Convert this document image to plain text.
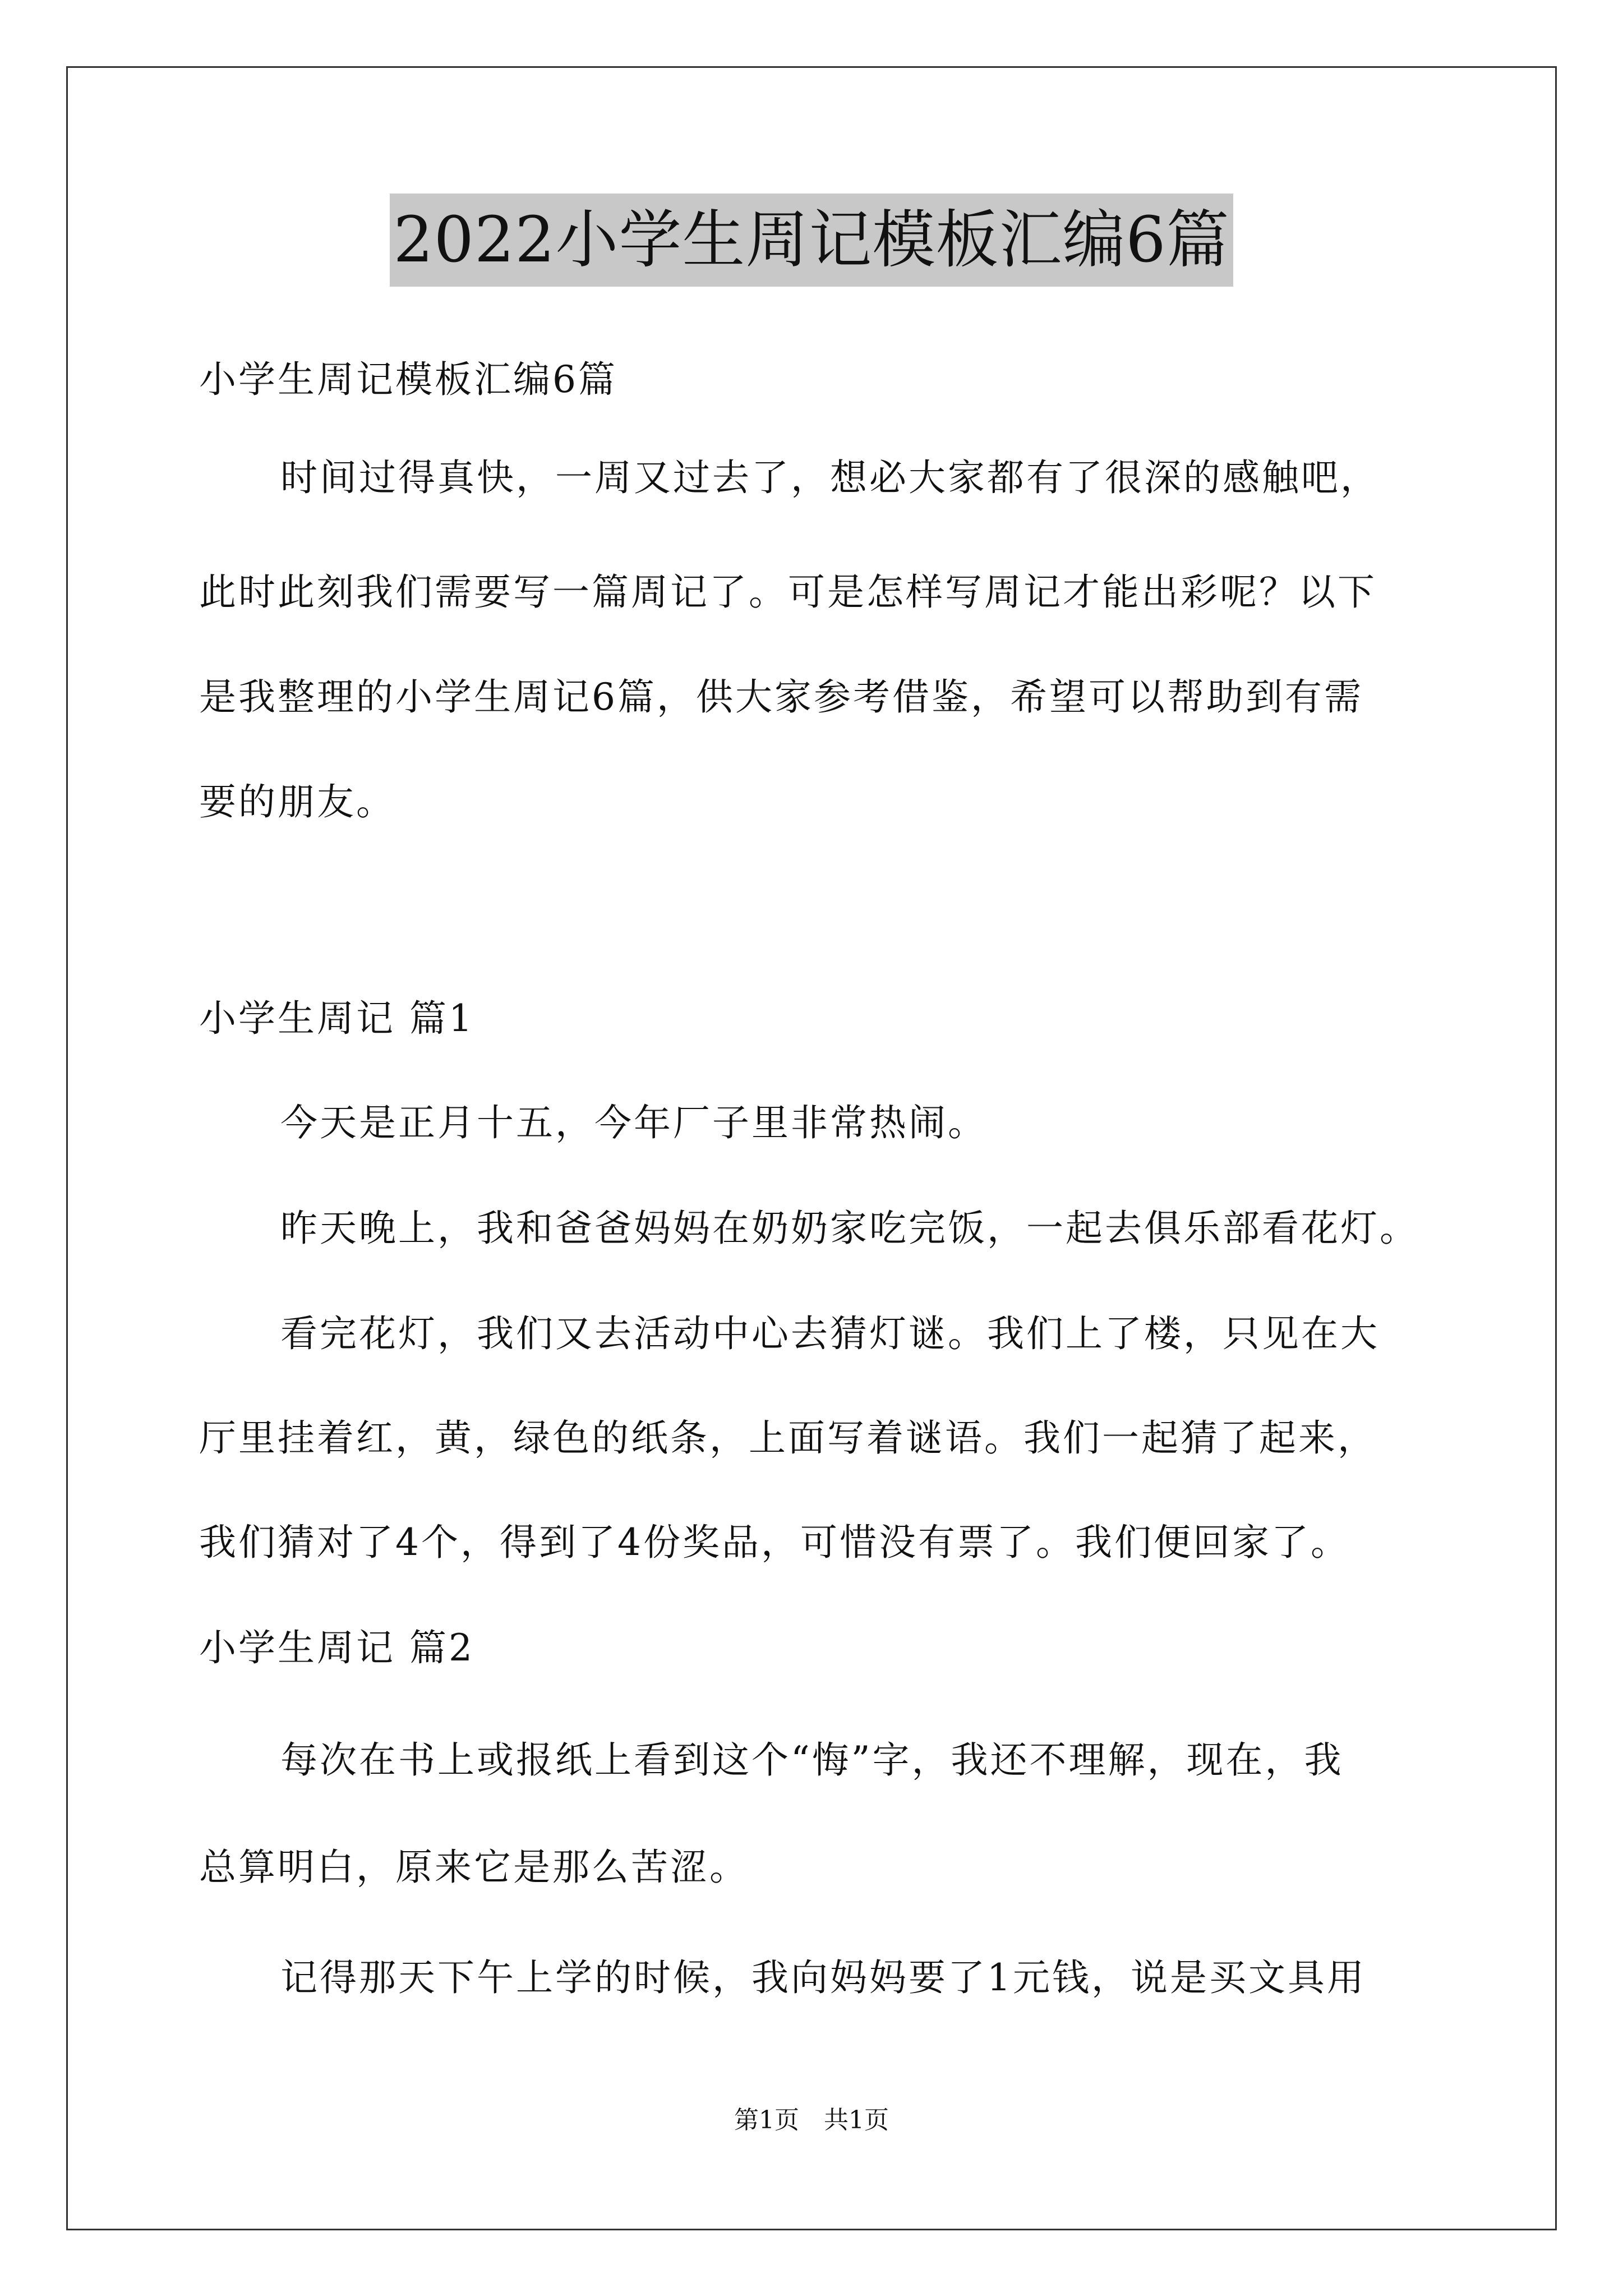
2022小学生周记模板汇编6篇
小学生周记模板汇编6篇
时间过得真快，一周又过去了，想必大家都有了很深的感触吧，
此时此刻我们需要写一篇周记了。可是怎样写周记才能出彩呢？以下
是我整理的小学生周记6篇，供大家参考借鉴，希望可以帮助到有需
要的朋友。
小学生周记 篇1
今天是正月十五，今年厂子里非常热闹。
昨天晚上，我和爸爸妈妈在奶奶家吃完饭，一起去俱乐部看花灯。
看完花灯，我们又去活动中心去猜灯谜。我们上了楼，只见在大
厅里挂着红，黄，绿色的纸条，上面写着谜语。我们一起猜了起来，
我们猜对了4个，得到了4份奖品，可惜没有票了。我们便回家了。
小学生周记 篇2
每次在书上或报纸上看到这个“悔”字，我还不理解，现在，我
总算明白，原来它是那么苦涩。
记得那天下午上学的时候，我向妈妈要了1元钱，说是买文具用
第1页　共1页
